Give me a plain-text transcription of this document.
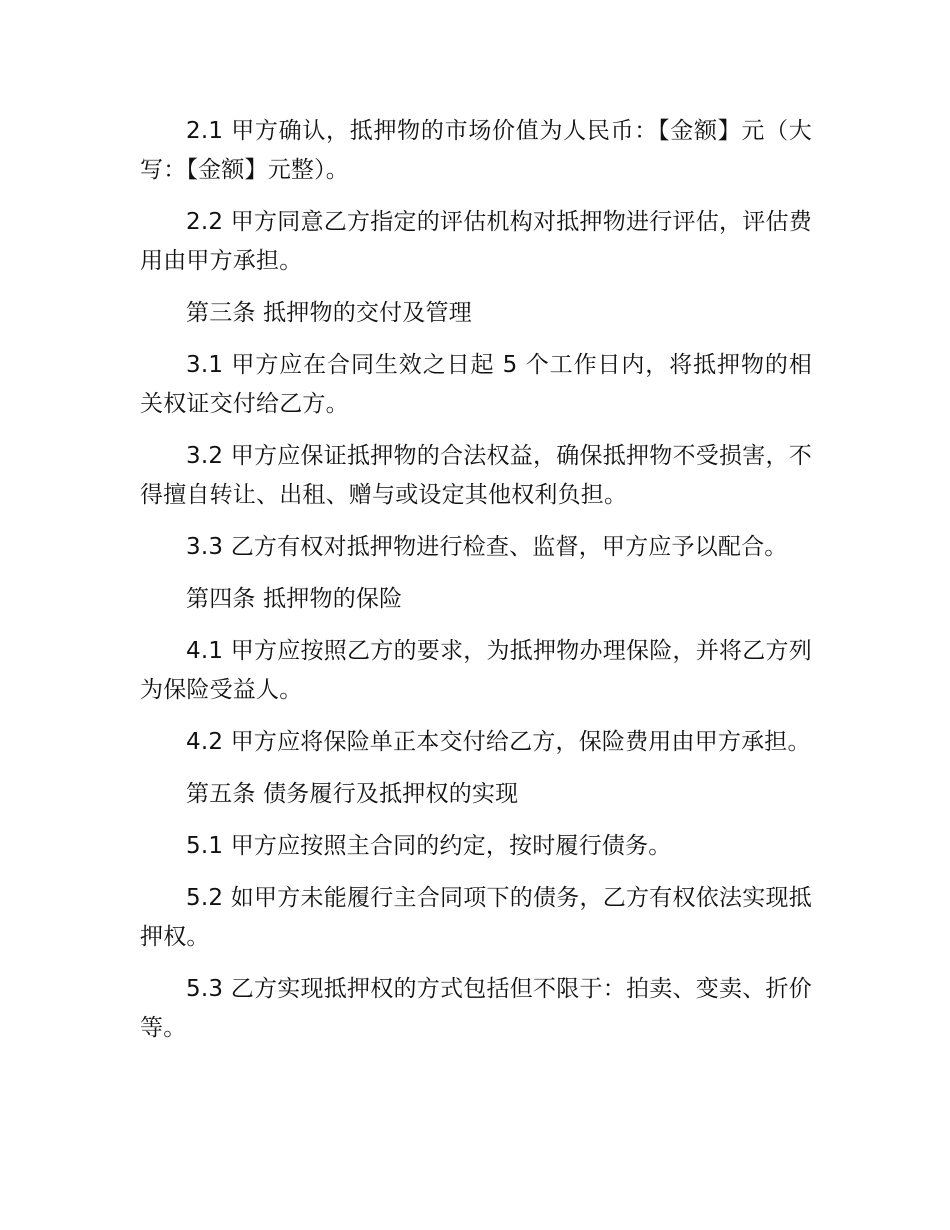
2.1 甲方确认，抵押物的市场价值为人民币：【金额】元（大写：【金额】元整）。

2.2 甲方同意乙方指定的评估机构对抵押物进行评估，评估费用由甲方承担。

第三条 抵押物的交付及管理

3.1 甲方应在合同生效之日起 5 个工作日内，将抵押物的相关权证交付给乙方。

3.2 甲方应保证抵押物的合法权益，确保抵押物不受损害，不得擅自转让、出租、赠与或设定其他权利负担。

3.3 乙方有权对抵押物进行检查、监督，甲方应予以配合。

第四条 抵押物的保险

4.1 甲方应按照乙方的要求，为抵押物办理保险，并将乙方列为保险受益人。

4.2 甲方应将保险单正本交付给乙方，保险费用由甲方承担。

第五条 债务履行及抵押权的实现

5.1 甲方应按照主合同的约定，按时履行债务。

5.2 如甲方未能履行主合同项下的债务，乙方有权依法实现抵押权。

5.3 乙方实现抵押权的方式包括但不限于：拍卖、变卖、折价等。
